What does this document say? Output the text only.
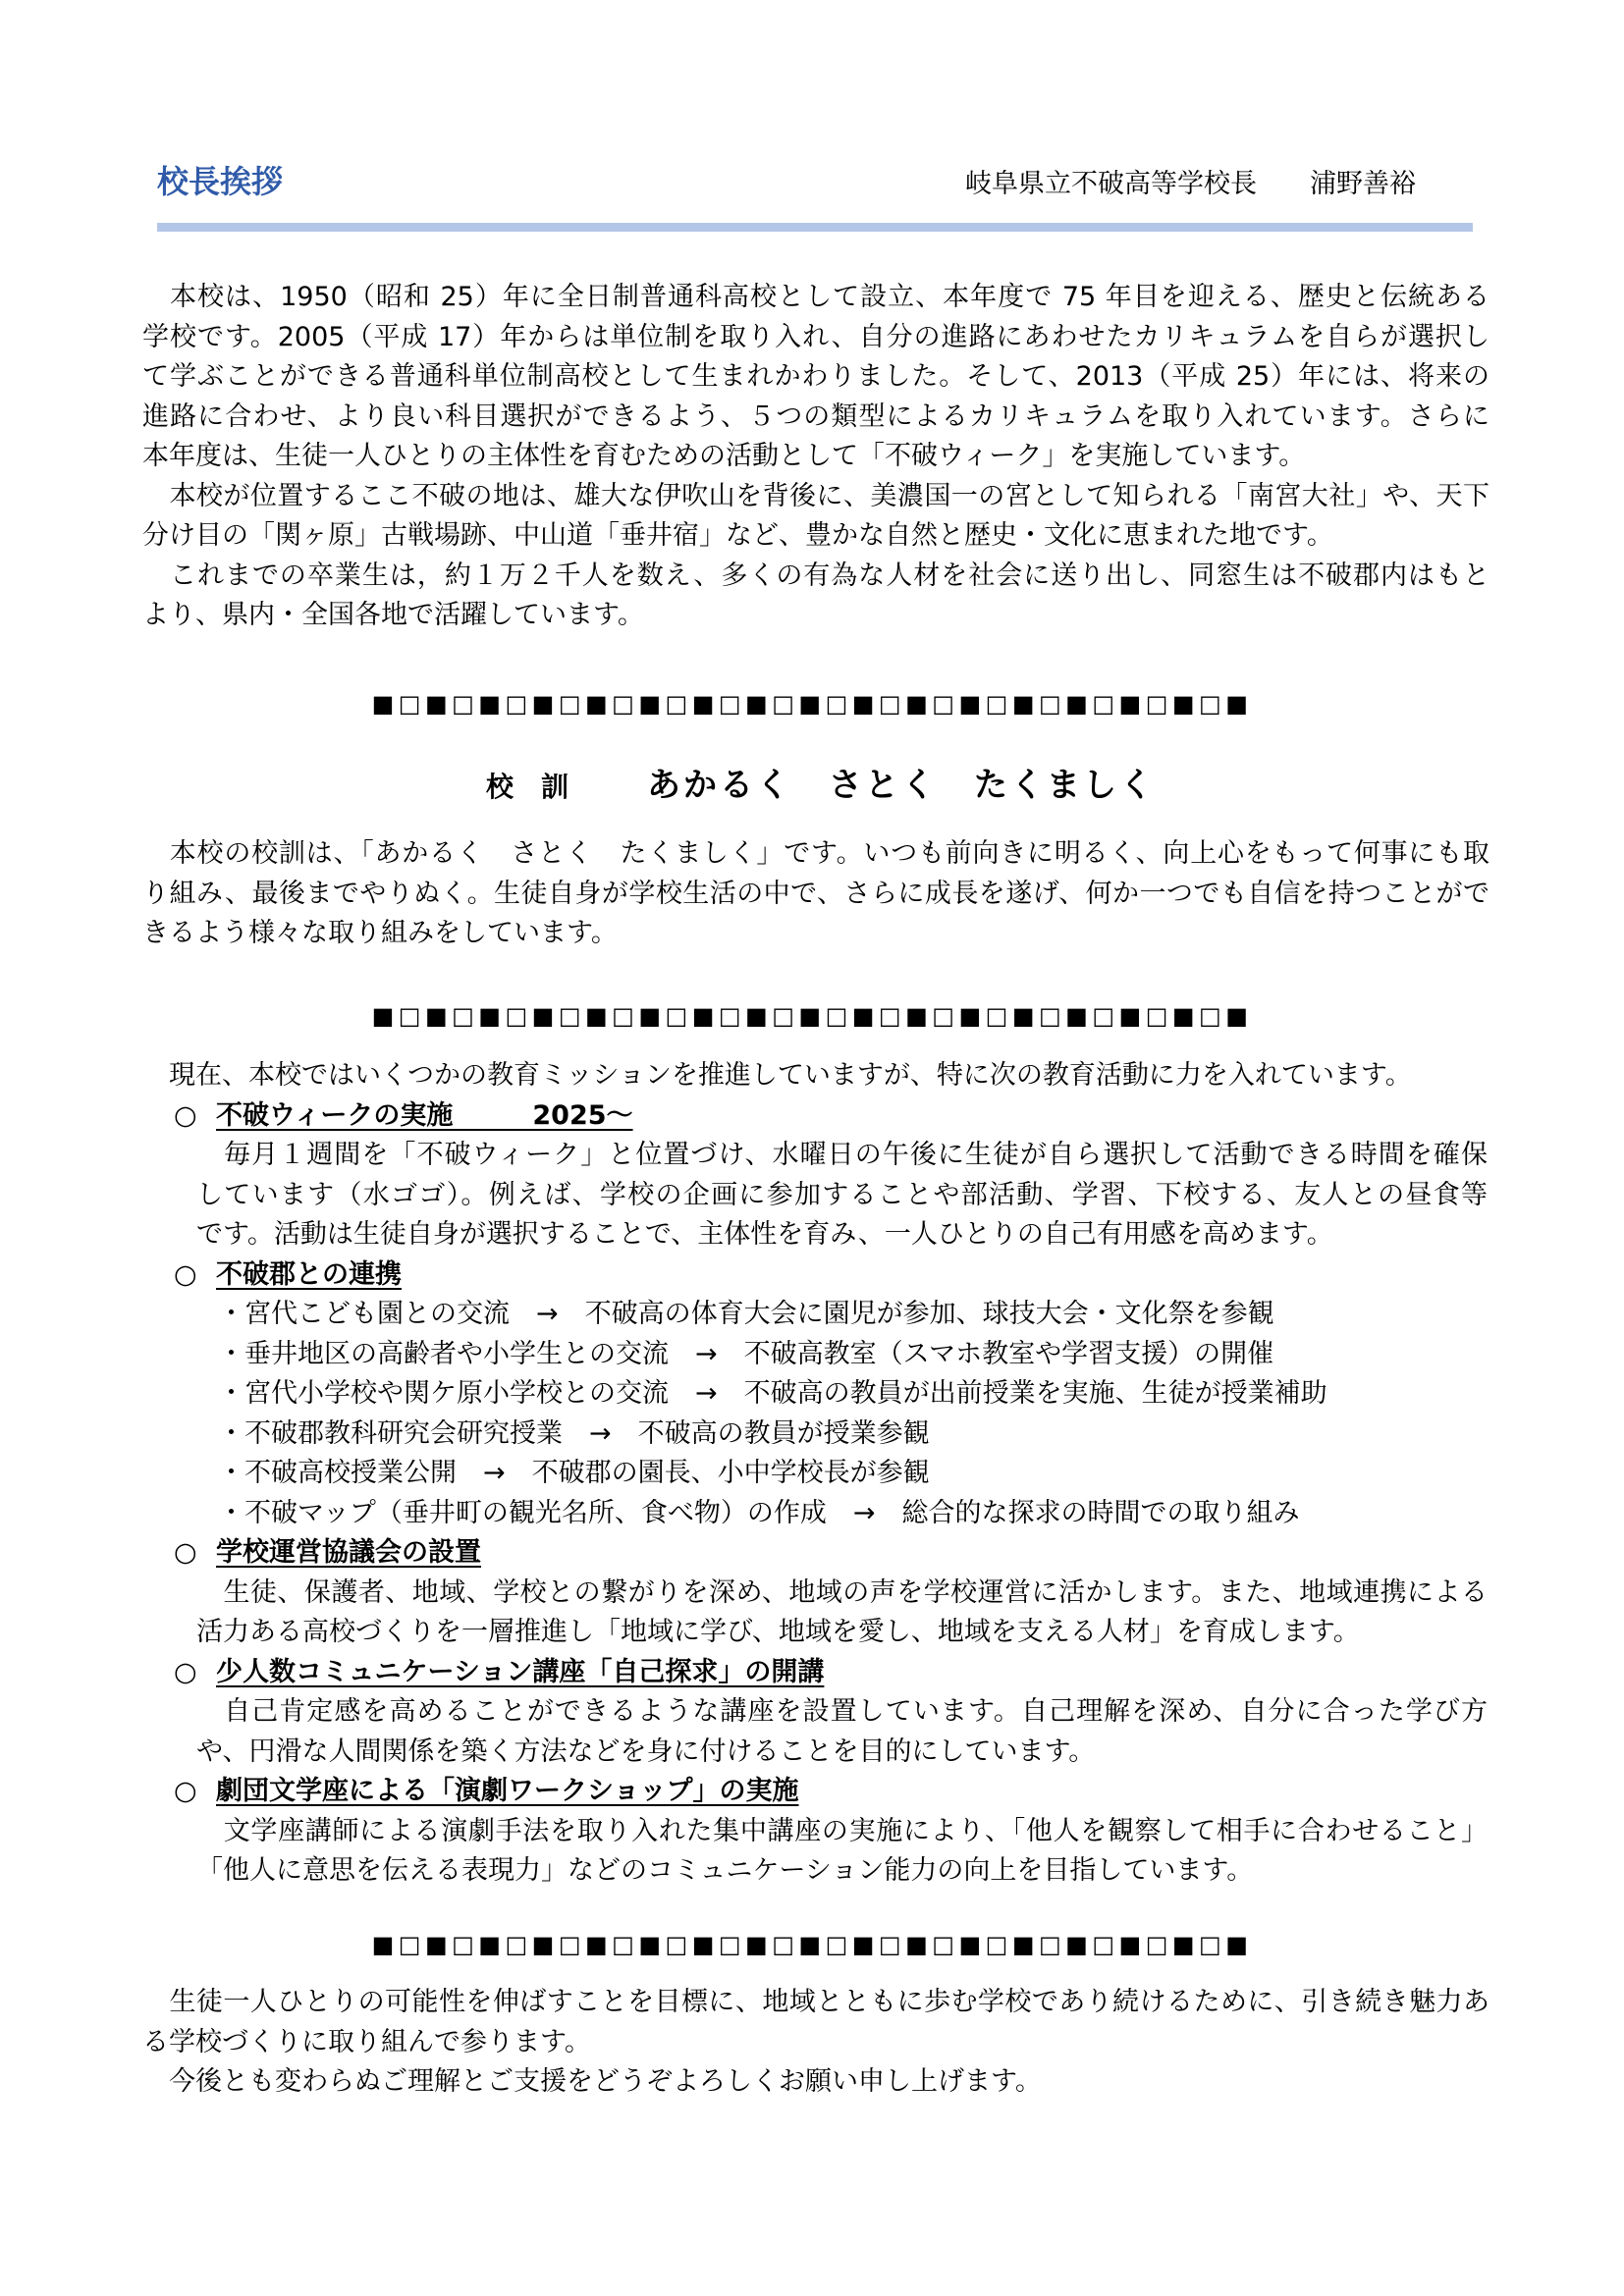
校長挨拶	岐阜県立不破高等学校長　　浦野善裕
　本校は、1950（昭和 25）年に全日制普通科高校として設立、本年度で 75 年目を迎える、歴史と伝統ある
学校です。2005（平成 17）年からは単位制を取り入れ、自分の進路にあわせたカリキュラムを自らが選択し
て学ぶことができる普通科単位制高校として生まれかわりました。そして、2013（平成 25）年には、将来の
進路に合わせ、より良い科目選択ができるよう、５つの類型によるカリキュラムを取り入れています。さらに
本年度は、生徒一人ひとりの主体性を育むための活動として「不破ウィーク」を実施しています。
　本校が位置するここ不破の地は、雄大な伊吹山を背後に、美濃国一の宮として知られる「南宮大社」や、天下
分け目の「関ヶ原」古戦場跡、中山道「垂井宿」など、豊かな自然と歴史・文化に恵まれた地です。
　これまでの卒業生は，約１万２千人を数え、多くの有為な人材を社会に送り出し、同窓生は不破郡内はもと
より、県内・全国各地で活躍しています。
■□■□■□■□■□■□■□■□■□■□■□■□■□■□■□■□■
校　訓 あかるく　さとく　たくましく
　本校の校訓は、「あかるく　さとく　たくましく」です。いつも前向きに明るく、向上心をもって何事にも取
り組み、最後までやりぬく。生徒自身が学校生活の中で、さらに成長を遂げ、何か一つでも自信を持つことがで
きるよう様々な取り組みをしています。
■□■□■□■□■□■□■□■□■□■□■□■□■□■□■□■□■
　現在、本校ではいくつかの教育ミッションを推進していますが、特に次の教育活動に力を入れています。
○ 不破ウィークの実施　　　2025～
　毎月１週間を「不破ウィーク」と位置づけ、水曜日の午後に生徒が自ら選択して活動できる時間を確保
しています（水ゴゴ）。例えば、学校の企画に参加することや部活動、学習、下校する、友人との昼食等
です。活動は生徒自身が選択することで、主体性を育み、一人ひとりの自己有用感を高めます。
○ 不破郡との連携
・宮代こども園との交流　→　不破高の体育大会に園児が参加、球技大会・文化祭を参観
・垂井地区の高齢者や小学生との交流　→　不破高教室（スマホ教室や学習支援）の開催
・宮代小学校や関ケ原小学校との交流　→　不破高の教員が出前授業を実施、生徒が授業補助
・不破郡教科研究会研究授業　→　不破高の教員が授業参観
・不破高校授業公開　→　不破郡の園長、小中学校長が参観
・不破マップ（垂井町の観光名所、食べ物）の作成　→　総合的な探求の時間での取り組み
○ 学校運営協議会の設置
　生徒、保護者、地域、学校との繋がりを深め、地域の声を学校運営に活かします。また、地域連携による
活力ある高校づくりを一層推進し「地域に学び、地域を愛し、地域を支える人材」を育成します。
○ 少人数コミュニケーション講座「自己探求」の開講
　自己肯定感を高めることができるような講座を設置しています。自己理解を深め、自分に合った学び方
や、円滑な人間関係を築く方法などを身に付けることを目的にしています。
○ 劇団文学座による「演劇ワークショップ」の実施
　文学座講師による演劇手法を取り入れた集中講座の実施により、「他人を観察して相手に合わせること」
「他人に意思を伝える表現力」などのコミュニケーション能力の向上を目指しています。
■□■□■□■□■□■□■□■□■□■□■□■□■□■□■□■□■
　生徒一人ひとりの可能性を伸ばすことを目標に、地域とともに歩む学校であり続けるために、引き続き魅力あ
る学校づくりに取り組んで参ります。
　今後とも変わらぬご理解とご支援をどうぞよろしくお願い申し上げます。
